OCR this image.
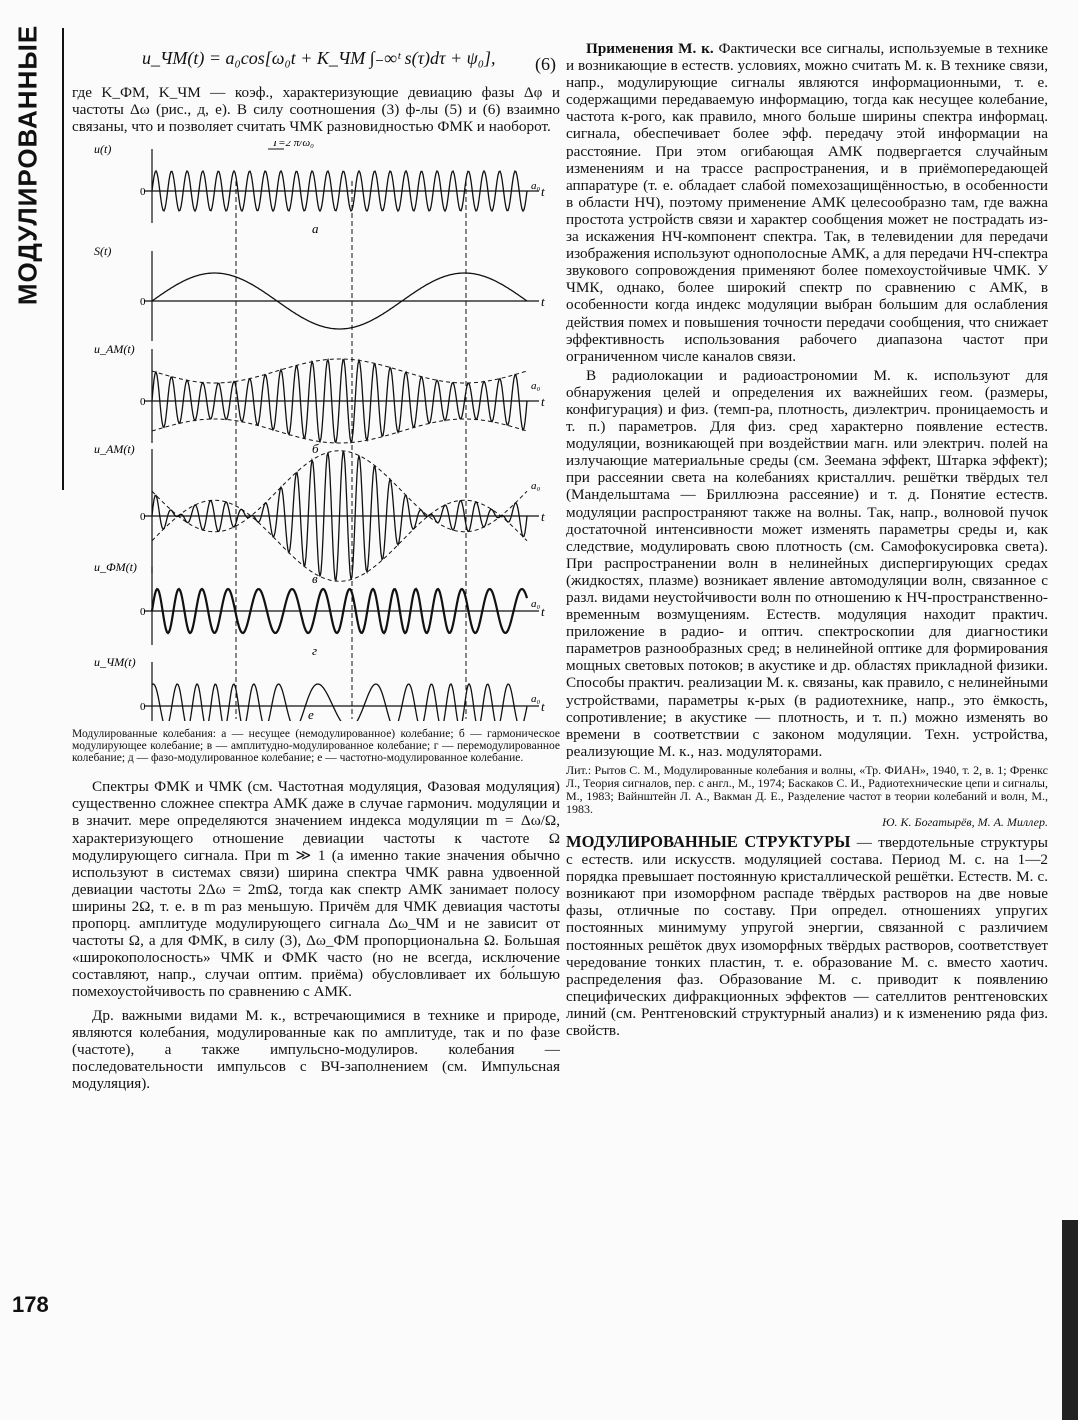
МОДУЛИРОВАННЫЕ	u_ЧМ(t) = a₀cos[ω₀t + K_ЧМ ∫₋∞ᵗ s(τ)dτ + ψ₀], (6)

где K_ФМ, K_ЧМ — коэф., характеризующие девиацию фазы Δφ и частоты Δω (рис., д, е). В силу соотношения (3) ф-лы (5) и (6) взаимно связаны, что и позволяет считать ЧМК разновидностью ФМК и наоборот.

T=2 π/ω₀
t
0
u(t)
а
a₀
t
0
S(t)
t
0
u_AM(t)
б
a₀
t
0
u_AM(t)
в
a₀
t
0
u_ФМ(t)
г
a₀
t
0
u_ЧМ(t)
a₀
е

Модулированные колебания: а — несущее (немодулированное) колебание; б — гармоническое модулирующее колебание; в — амплитудно-модулированное колебание; г — перемодулированное колебание; д — фазо-модулированное колебание; е — частотно-модулированное колебание.

Спектры ФМК и ЧМК (см. Частотная модуляция, Фазовая модуляция) существенно сложнее спектра АМК даже в случае гармонич. модуляции и в значит. мере определяются значением индекса модуляции m = Δω/Ω, характеризующего отношение девиации частоты к частоте Ω модулирующего сигнала. При m ≫ 1 (а именно такие значения обычно используют в системах связи) ширина спектра ЧМК равна удвоенной девиации частоты 2Δω = 2mΩ, тогда как спектр АМК занимает полосу ширины 2Ω, т. е. в m раз меньшую. Причём для ЧМК девиация частоты пропорц. амплитуде модулирующего сигнала Δω_ЧМ и не зависит от частоты Ω, а для ФМК, в силу (3), Δω_ФМ пропорциональна Ω. Большая «широкополосность» ЧМК и ФМК часто (но не всегда, исключение составляют, напр., случаи оптим. приёма) обусловливает их бо́льшую помехоустойчивость по сравнению с АМК.

Др. важными видами М. к., встречающимися в технике и природе, являются колебания, модулированные как по амплитуде, так и по фазе (частоте), а также импульсно-модулиров. колебания — последовательности импульсов с ВЧ-заполнением (см. Импульсная модуляция).

Применения М. к. Фактически все сигналы, используемые в технике и возникающие в естеств. условиях, можно считать М. к. В технике связи, напр., модулирующие сигналы являются информационными, т. е. содержащими передаваемую информацию, тогда как несущее колебание, частота к-рого, как правило, много больше ширины спектра информац. сигнала, обеспечивает более эфф. передачу этой информации на расстояние. При этом огибающая АМК подвергается случайным изменениям и на трассе распространения, и в приёмопередающей аппаратуре (т. е. обладает слабой помехозащищённостью, в особенности в области НЧ), поэтому применение АМК целесообразно там, где важна простота устройств связи и характер сообщения может не пострадать из-за искажения НЧ-компонент спектра. Так, в телевидении для передачи изображения используют однополосные АМК, а для передачи НЧ-спектра звукового сопровождения применяют более помехоустойчивые ЧМК. У ЧМК, однако, более широкий спектр по сравнению с АМК, в особенности когда индекс модуляции выбран большим для ослабления действия помех и повышения точности передачи сообщения, что снижает эффективность использования рабочего диапазона частот при ограниченном числе каналов связи.

В радиолокации и радиоастрономии М. к. используют для обнаружения целей и определения их важнейших геом. (размеры, конфигурация) и физ. (темп-ра, плотность, диэлектрич. проницаемость и т. п.) параметров. Для физ. сред характерно появление естеств. модуляции, возникающей при воздействии магн. или электрич. полей на излучающие материальные среды (см. Зеемана эффект, Штарка эффект); при рассеянии света на колебаниях кристаллич. решётки твёрдых тел (Мандельштама — Бриллюэна рассеяние) и т. д. Понятие естеств. модуляции распространяют также на волны. Так, напр., волновой пучок достаточной интенсивности может изменять параметры среды и, как следствие, модулировать свою плотность (см. Самофокусировка света). При распространении волн в нелинейных диспергирующих средах (жидкостях, плазме) возникает явление автомодуляции волн, связанное с разл. видами неустойчивости волн по отношению к НЧ-пространственно-временным возмущениям. Естеств. модуляция находит практич. приложение в радио- и оптич. спектроскопии для диагностики параметров разнообразных сред; в нелинейной оптике для формирования мощных световых потоков; в акустике и др. областях прикладной физики. Способы практич. реализации М. к. связаны, как правило, с нелинейными устройствами, параметры к-рых (в радиотехнике, напр., это ёмкость, сопротивление; в акустике — плотность, и т. п.) можно изменять во времени в соответствии с законом модуляции. Техн. устройства, реализующие М. к., наз. модуляторами.

Лит.: Рытов С. М., Модулированные колебания и волны, «Тр. ФИАН», 1940, т. 2, в. 1; Френкс Л., Теория сигналов, пер. с англ., М., 1974; Баскаков С. И., Радиотехнические цепи и сигналы, М., 1983; Вайнштейн Л. А., Вакман Д. Е., Разделение частот в теории колебаний и волн, М., 1983.
Ю. К. Богатырёв, М. А. Миллер.

МОДУЛИРОВАННЫЕ СТРУКТУРЫ — твердотельные структуры с естеств. или искусств. модуляцией состава. Период М. с. на 1—2 порядка превышает постоянную кристаллической решётки. Естеств. М. с. возникают при изоморфном распаде твёрдых растворов на две новые фазы, отличные по составу. При определ. отношениях упругих постоянных минимуму упругой энергии, связанной с различием постоянных решёток двух изоморфных твёрдых растворов, соответствует чередование тонких пластин, т. е. образование М. с. вместо хаотич. распределения фаз. Образование М. с. приводит к появлению специфических дифракционных эффектов — сателлитов рентгеновских линий (см. Рентгеновский структурный анализ) и к изменению ряда физ. свойств.

178
